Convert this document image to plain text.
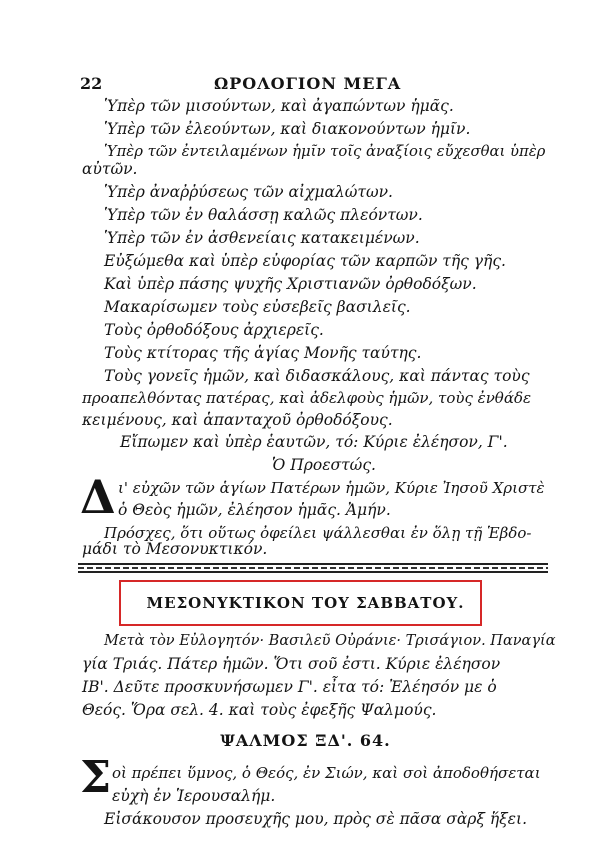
22	ΩΡΟΛΟΓΙΟΝ ΜΕΓΑ
Ὑπὲρ τῶν μισούντων, καὶ ἀγαπώντων ἡμᾶς.
Ὑπὲρ τῶν ἐλεούντων, καὶ διακονούντων ἡμῖν.
Ὑπὲρ τῶν ἐντειλαμένων ἡμῖν τοῖς ἀναξίοις εὔχεσθαι ὑπὲρ
αὐτῶν.
Ὑπὲρ ἀναῤῥύσεως τῶν αἰχμαλώτων.
Ὑπὲρ τῶν ἐν θαλάσσῃ καλῶς πλεόντων.
Ὑπὲρ τῶν ἐν ἀσθενείαις κατακειμένων.
Εὐξώμεθα καὶ ὑπὲρ εὐφορίας τῶν καρπῶν τῆς γῆς.
Καὶ ὑπὲρ πάσης ψυχῆς Χριστιανῶν ὀρθοδόξων.
Μακαρίσωμεν τοὺς εὐσεβεῖς βασιλεῖς.
Τοὺς ὀρθοδόξους ἀρχιερεῖς.
Τοὺς κτίτορας τῆς ἁγίας Μονῆς ταύτης.
Τοὺς γονεῖς ἡμῶν, καὶ διδασκάλους, καὶ πάντας τοὺς
προαπελθόντας πατέρας, καὶ ἀδελφοὺς ἡμῶν, τοὺς ἐνθάδε
κειμένους, καὶ ἁπανταχοῦ ὀρθοδόξους.
Εἴπωμεν καὶ ὑπὲρ ἑαυτῶν, τό: Κύριε ἐλέησον, Γ'.
Ὁ Προεστώς.
Δ ι' εὐχῶν τῶν ἁγίων Πατέρων ἡμῶν, Κύριε Ἰησοῦ Χριστὲ
ὁ Θεὸς ἡμῶν, ἐλέησον ἡμᾶς. Ἀμήν.
Πρόσχες, ὅτι οὕτως ὀφείλει ψάλλεσθαι ἐν ὅλῃ τῇ Ἑβδο-
μάδι τὸ Μεσονυκτικόν.
ΜΕΣΟΝΥΚΤΙΚΟΝ ΤΟΥ ΣΑΒΒΑΤΟΥ.
Μετὰ τὸν Εὐλογητόν· Βασιλεῦ Οὐράνιε· Τρισάγιον. Παναγία
γία Τριάς. Πάτερ ἡμῶν. Ὅτι σοῦ ἐστι. Κύριε ἐλέησον
ΙΒ'. Δεῦτε προσκυνήσωμεν Γ'. εἶτα τό: Ἐλέησόν με ὁ
Θεός. Ὅρα σελ. 4. καὶ τοὺς ἐφεξῆς Ψαλμούς.
ΨΑΛΜΟΣ ΞΔ'. 64.
Σ οὶ πρέπει ὕμνος, ὁ Θεός, ἐν Σιών, καὶ σοὶ ἀποδοθήσεται
εὐχὴ ἐν Ἱερουσαλήμ.
Εἰσάκουσον προσευχῆς μου, πρὸς σὲ πᾶσα σὰρξ ἥξει.
